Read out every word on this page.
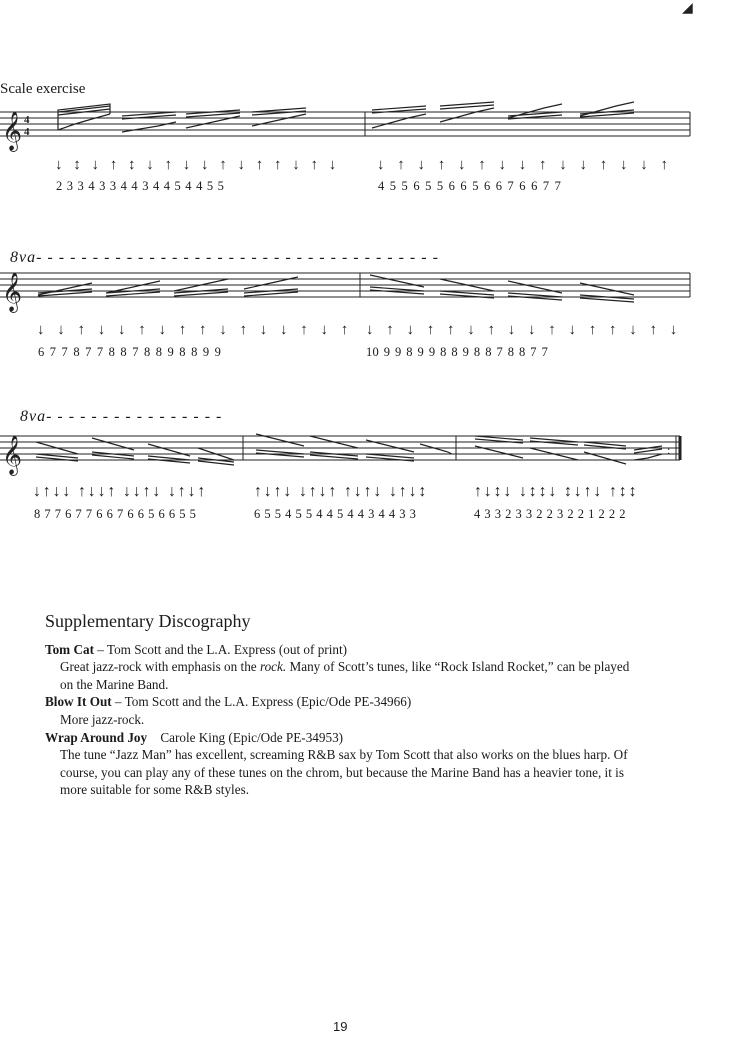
◢
Scale exercise
𝄞 4
4
↓ ↕ ↓ ↑ ↕ ↓ ↑ ↓ ↓ ↑ ↓ ↑ ↑ ↓ ↑ ↓ ↓ ↑ ↓ ↑ ↓ ↑ ↓ ↓ ↑ ↓ ↓ ↑ ↓ ↓ ↑
2 3 3 4 3 3 4 4 3 4 4 5 4 4 5 5	4 5 5 6 5 5 6 6 5 6 6 7 6 6 7 7
8va- - - - - - - - - - - - - - - - - - - - - - - - - - - - - - - - - - - -
𝄞
↓ ↓ ↑ ↓ ↓ ↑ ↓ ↑ ↑ ↓ ↑ ↓ ↓ ↑ ↓ ↑ ↓ ↑ ↓ ↑ ↑ ↓ ↑ ↓ ↓ ↑ ↓ ↑ ↑ ↓ ↑ ↓
6 7 7 8 7 7 8 8 7 8 8 9 8 8 9 9	10 9 9 8 9 9 8 8 9 8 8 7 8 8 7 7
8va- - - - - - - - - - - - - - - -
𝄞	:
↓↑↓↓ ↑↓↓↑ ↓↓↑↓ ↓↑↓↑	↑↓↑↓ ↓↑↓↑ ↑↓↑↓ ↓↑↓↕	↑↓↕↓ ↓↕↕↓ ↕↓↑↓ ↑↕↕
8 7 7 6 7 7 6 6 7 6 6 5 6 6 5 5	6 5 5 4 5 5 4 4 5 4 4 3 4 4 3 3	4 3 3 2 3 3 2 2 3 2 2 1 2 2 2
Supplementary Discography
Tom Cat – Tom Scott and the L.A. Express (out of print)
Great jazz-rock with emphasis on the rock. Many of Scott’s tunes, like “Rock Island Rocket,” can be played on the Marine Band.
Blow It Out – Tom Scott and the L.A. Express (Epic/Ode PE-34966)
More jazz-rock.
Wrap Around Joy    Carole King (Epic/Ode PE-34953)
The tune “Jazz Man” has excellent, screaming R&B sax by Tom Scott that also works on the blues harp. Of course, you can play any of these tunes on the chrom, but because the Marine Band has a heavier tone, it is more suitable for some R&B styles.
19
